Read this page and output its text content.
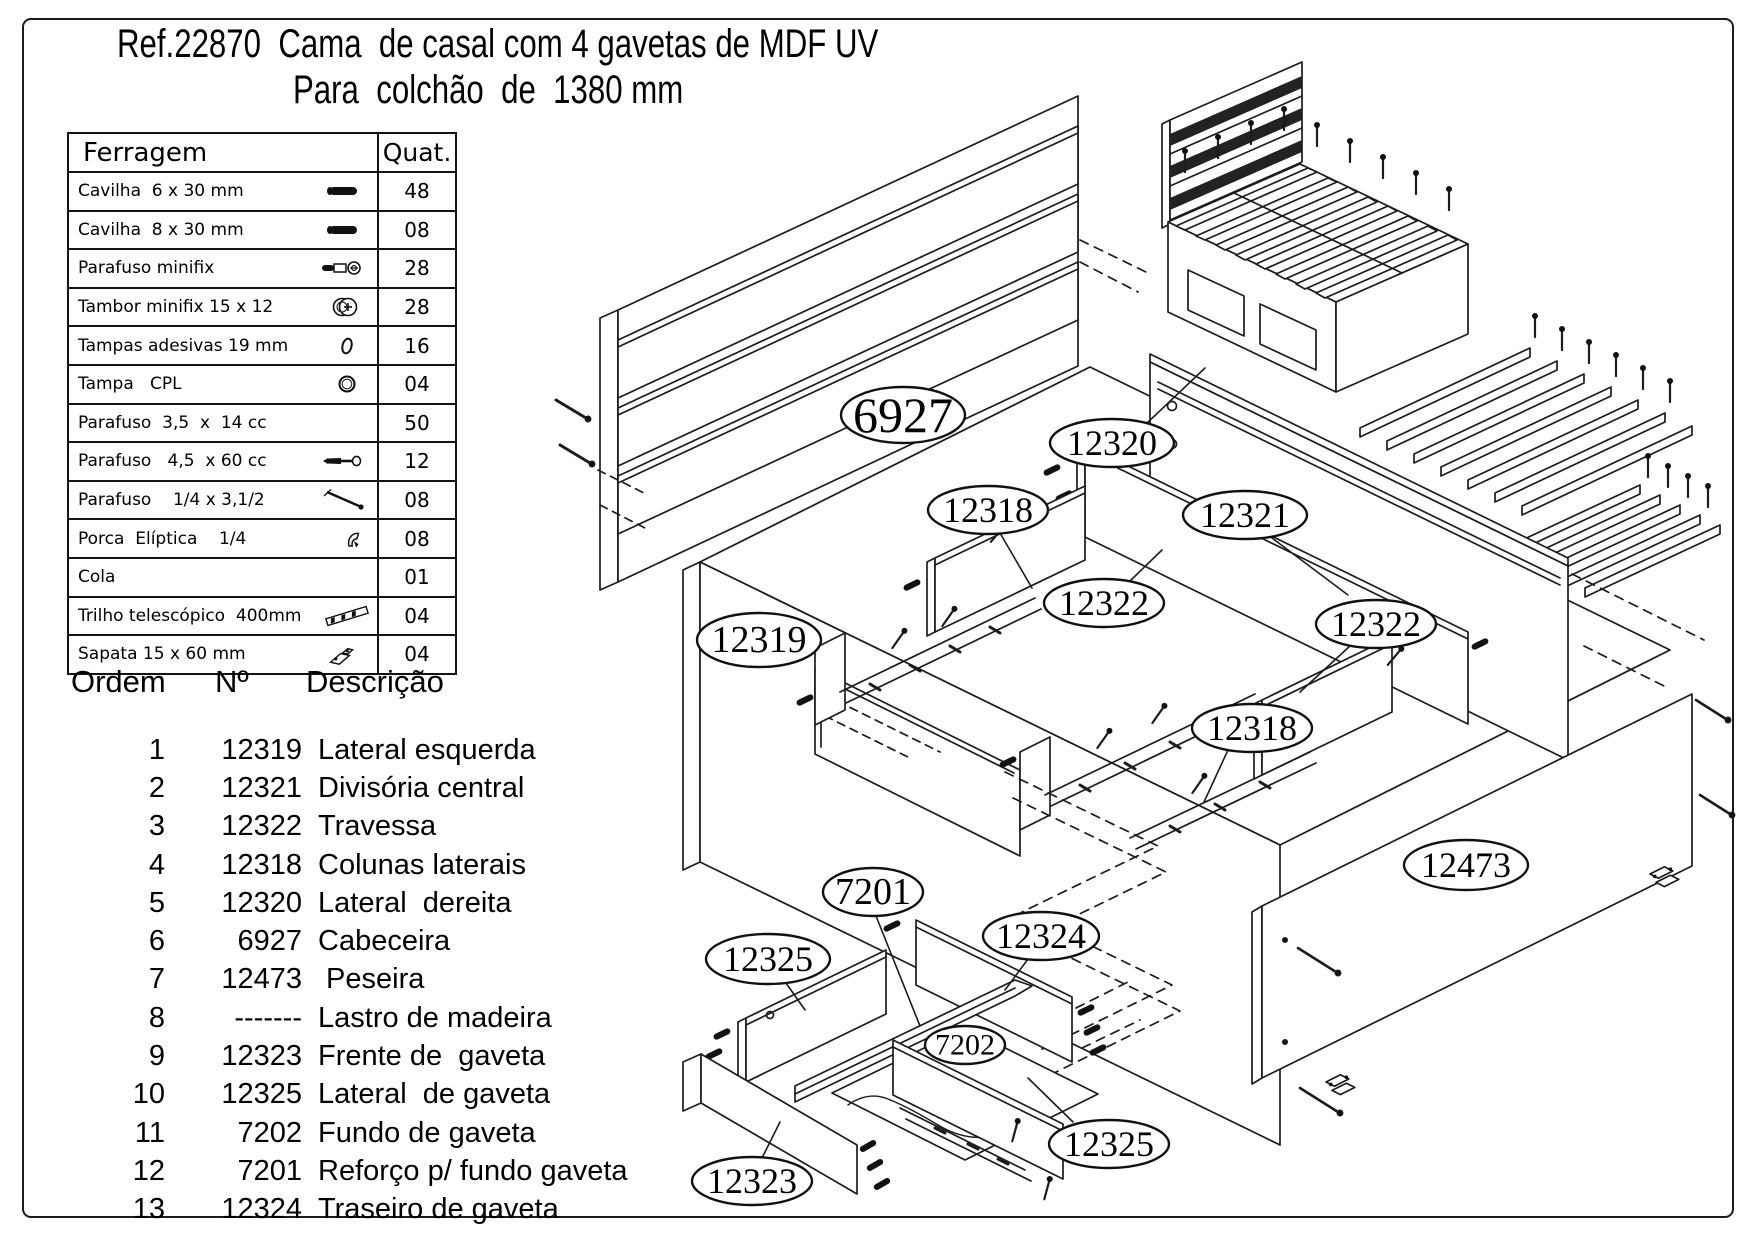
Ref.22870  Cama  de casal com 4 gavetas de MDF UV
Para  colchão  de  1380 mm
Ferragem	Quat.
Cavilha  6 x 30 mm	48
Cavilha  8 x 30 mm	08
Parafuso minifix	28
Tambor minifix 15 x 12	28
Tampas adesivas 19 mm	16
Tampa   CPL	04
Parafuso  3,5  x  14 cc	50
Parafuso   4,5  x 60 cc	12
Parafuso    1/4 x 3,1/2	08
Porca  Elíptica    1/4	08
Cola	01
Trilho telescópico  400mm	04
Sapata 15 x 60 mm	04
Ordem Nº Descrição
1	12319 Lateral esquerda
2	12321 Divisória central
3	12322 Travessa
4	12318 Colunas laterais
5	12320 Lateral  dereita
6	6927 Cabeceira
7	12473 Peseira
8	------- Lastro de madeira
9	12323 Frente de  gaveta
10	12325 Lateral  de gaveta
11	7202 Fundo de gaveta
12	7201 Reforço p/ fundo gaveta
13	12324 Traseiro de gaveta
6927	12320
12318	12321
12322
12322
12319
12318
12473
7201
12324
12325
7202
12325
12323
